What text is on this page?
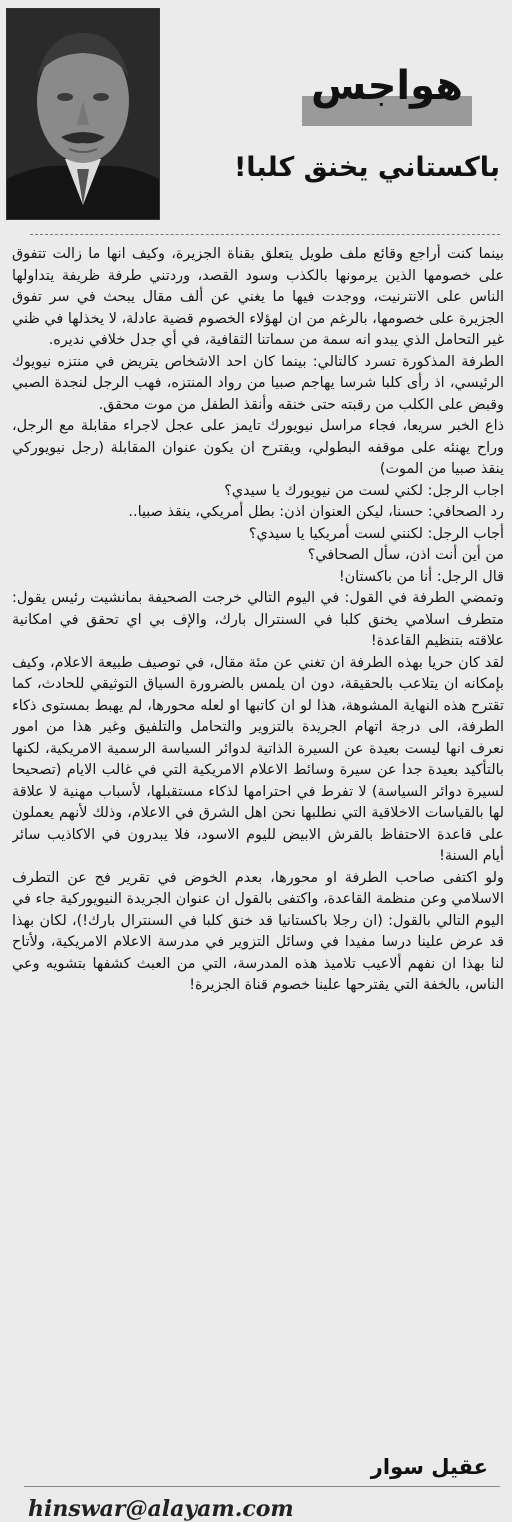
هواجس
باكستاني يخنق كلبا!

بينما كنت أراجع وقائع ملف طويل يتعلق بقناة الجزيرة، وكيف انها ما زالت تتفوق على خصومها الذين يرمونها بالكذب وسود القصد، وردتني طرفة ظريفة يتداولها الناس على الانترنيت، ووجدت فيها ما يغني عن ألف مقال يبحث في سر تفوق الجزيرة على خصومها، بالرغم من ان لهؤلاء الخصوم قضية عادلة، لا يخذلها في ظني غير التحامل الذي يبدو انه سمة من سماتنا الثقافية، في أي جدل خلافي نديره.

الطرفة المذكورة تسرد كالتالي: بينما كان احد الاشخاص يتريض في منتزه نيويوك الرئيسي، اذ رأى كلبا شرسا يهاجم صبيا من رواد المنتزه، فهب الرجل لنجدة الصبي وقبض على الكلب من رقبته حتى خنقه وأنقذ الطفل من موت محقق.

ذاع الخبر سريعا، فجاء مراسل نيويورك تايمز على عجل لاجراء مقابلة مع الرجل، وراح يهنئه على موقفه البطولي، ويقترح ان يكون عنوان المقابلة (رجل نيويوركي ينقذ صبيا من الموت)

اجاب الرجل: لكني لست من نيويورك يا سيدي؟

رد الصحافي: حسنا، ليكن العنوان اذن: بطل أمريكي، ينقذ صبيا..

أجاب الرجل: لكنني لست أمريكيا يا سيدي؟

من أين أنت اذن، سأل الصحافي؟

قال الرجل: أنا من باكستان!

وتمضي الطرفة في القول: في اليوم التالي خرجت الصحيفة بمانشيت رئيس يقول: متطرف اسلامي يخنق كلبا في السنترال بارك، والإف بي اي تحقق في امكانية علاقته بتنظيم القاعدة!

لقد كان حريا بهذه الطرفة ان تغني عن مئة مقال، في توصيف طبيعة الاعلام، وكيف بإمكانه ان يتلاعب بالحقيقة، دون ان يلمس بالضرورة السياق التوثيقي للحادث، كما تقترح هذه النهاية المشوهة، هذا لو ان كاتبها او لعله محورها، لم يهبط بمستوى ذكاء الطرفة، الى درجة اتهام الجريدة بالتزوير والتحامل والتلفيق وغير هذا من امور نعرف انها ليست بعيدة عن السيرة الذاتية لدوائر السياسة الرسمية الامريكية، لكنها بالتأكيد بعيدة جدا عن سيرة وسائط الاعلام الامريكية التي في غالب الايام (تصحيحا لسيرة دوائر السياسة) لا تفرط في احترامها لذكاء مستقبلها، لأسباب مهنية لا علاقة لها بالقياسات الاخلاقية التي نطلبها نحن اهل الشرق في الاعلام، وذلك لأنهم يعملون على قاعدة الاحتفاظ بالقرش الابيض لليوم الاسود، فلا يبدرون في الاكاذيب سائر أيام السنة!

ولو اكتفى صاحب الطرفة او محورها، بعدم الخوض في تقرير فج عن التطرف الاسلامي وعن منظمة القاعدة، واكتفى بالقول ان عنوان الجريدة النيويوركية جاء في اليوم التالي بالقول: (ان رجلا باكستانيا قد خنق كلبا في السنترال بارك!)، لكان بهذا قد عرض علينا درسا مفيدا في وسائل التزوير في مدرسة الاعلام الامريكية، ولأتاح لنا بهذا ان نفهم ألاعيب تلاميذ هذه المدرسة، التي من العبث كشفها بتشويه وعي الناس، بالخفة التي يقترحها علينا خصوم قناة الجزيرة!

عقيل سوار
hinswar@alayam.com
